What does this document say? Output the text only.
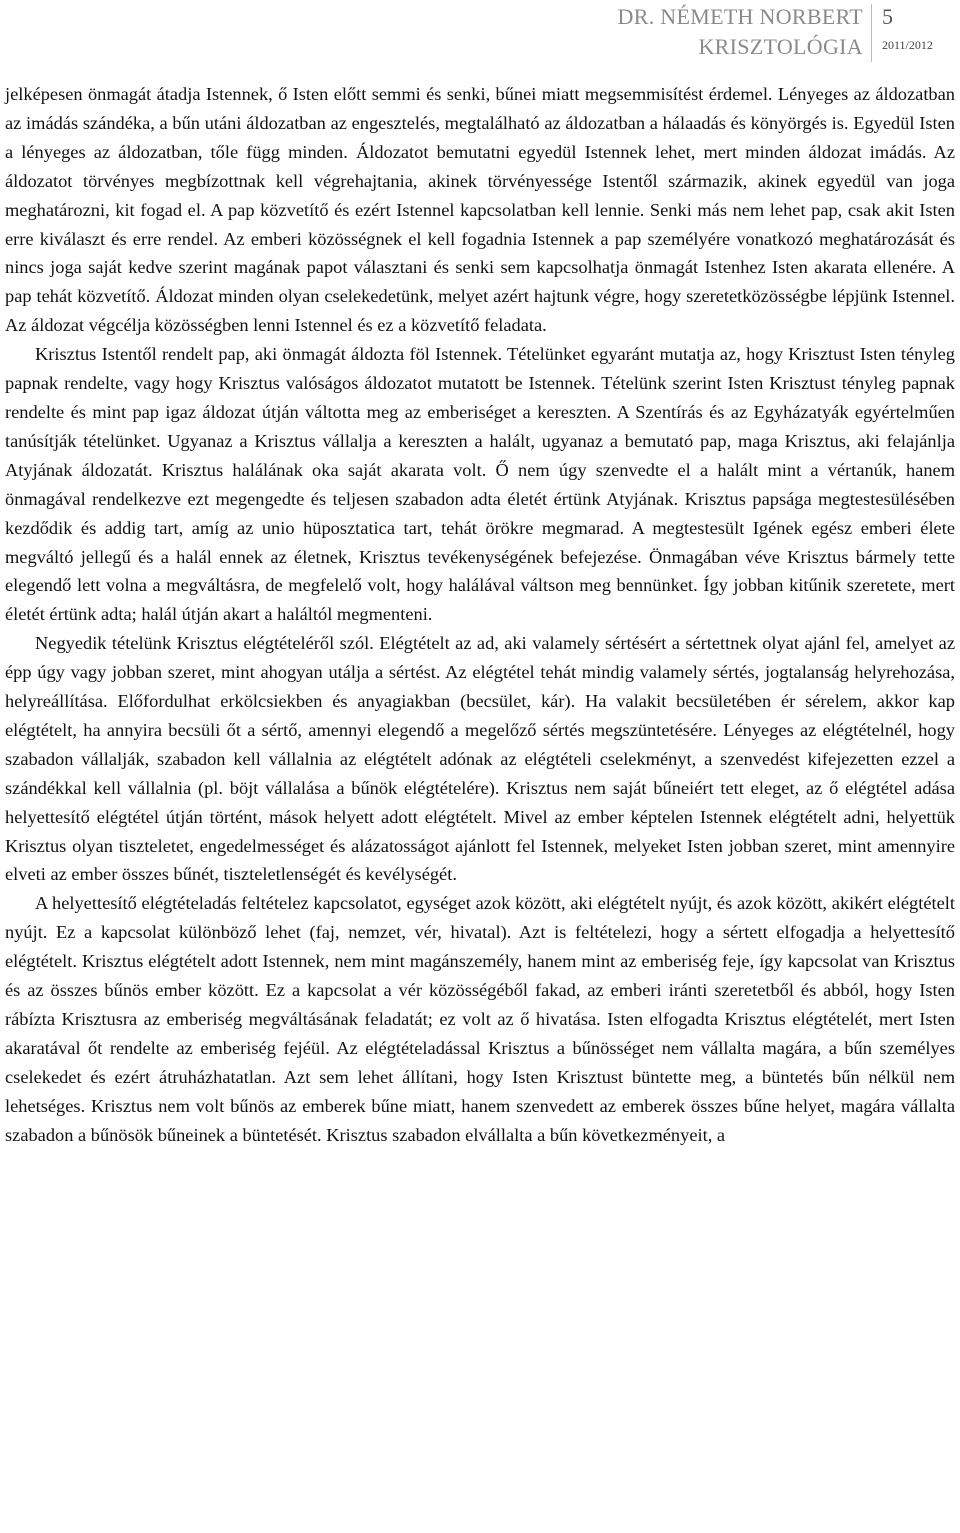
DR. NÉMETH NORBERT
KRISZTOLÓGIA
5
2011/2012

jelképesen önmagát átadja Istennek, ő Isten előtt semmi és senki, bűnei miatt megsemmisítést érdemel. Lényeges az áldozatban az imádás szándéka, a bűn utáni áldozatban az engesztelés, megtalálható az áldozatban a hálaadás és könyörgés is. Egyedül Isten a lényeges az áldozatban, tőle függ minden. Áldozatot bemutatni egyedül Istennek lehet, mert minden áldozat imádás. Az áldozatot törvényes megbízottnak kell végrehajtania, akinek törvényessége Istentől származik, akinek egyedül van joga meghatározni, kit fogad el. A pap közvetítő és ezért Istennel kapcsolatban kell lennie. Senki más nem lehet pap, csak akit Isten erre kiválaszt és erre rendel. Az emberi közösségnek el kell fogadnia Istennek a pap személyére vonatkozó meghatározását és nincs joga saját kedve szerint magának papot választani és senki sem kapcsolhatja önmagát Istenhez Isten akarata ellenére. A pap tehát közvetítő. Áldozat minden olyan cselekedetünk, melyet azért hajtunk végre, hogy szeretetközösségbe lépjünk Istennel. Az áldozat végcélja közösségben lenni Istennel és ez a közvetítő feladata.

Krisztus Istentől rendelt pap, aki önmagát áldozta föl Istennek. Tételünket egyaránt mutatja az, hogy Krisztust Isten tényleg papnak rendelte, vagy hogy Krisztus valóságos áldozatot mutatott be Istennek. Tételünk szerint Isten Krisztust tényleg papnak rendelte és mint pap igaz áldozat útján váltotta meg az emberiséget a kereszten. A Szentírás és az Egyházatyák egyértelműen tanúsítják tételünket. Ugyanaz a Krisztus vállalja a kereszten a halált, ugyanaz a bemutató pap, maga Krisztus, aki felajánlja Atyjának áldozatát. Krisztus halálának oka saját akarata volt. Ő nem úgy szenvedte el a halált mint a vértanúk, hanem önmagával rendelkezve ezt megengedte és teljesen szabadon adta életét értünk Atyjának. Krisztus papsága megtestesülésében kezdődik és addig tart, amíg az unio hüposztatica tart, tehát örökre megmarad. A megtestesült Igének egész emberi élete megváltó jellegű és a halál ennek az életnek, Krisztus tevékenységének befejezése. Önmagában véve Krisztus bármely tette elegendő lett volna a megváltásra, de megfelelő volt, hogy halálával váltson meg bennünket. Így jobban kitűnik szeretete, mert életét értünk adta; halál útján akart a haláltól megmenteni.

Negyedik tételünk Krisztus elégtételéről szól. Elégtételt az ad, aki valamely sértésért a sértettnek olyat ajánl fel, amelyet az épp úgy vagy jobban szeret, mint ahogyan utálja a sértést. Az elégtétel tehát mindig valamely sértés, jogtalanság helyrehozása, helyreállítása. Előfordulhat erkölcsiekben és anyagiakban (becsület, kár). Ha valakit becsületében ér sérelem, akkor kap elégtételt, ha annyira becsüli őt a sértő, amennyi elegendő a megelőző sértés megszüntetésére. Lényeges az elégtételnél, hogy szabadon vállalják, szabadon kell vállalnia az elégtételt adónak az elégtételi cselekményt, a szenvedést kifejezetten ezzel a szándékkal kell vállalnia (pl. böjt vállalása a bűnök elégtételére). Krisztus nem saját bűneiért tett eleget, az ő elégtétel adása helyettesítő elégtétel útján történt, mások helyett adott elégtételt. Mivel az ember képtelen Istennek elégtételt adni, helyettük Krisztus olyan tiszteletet, engedelmességet és alázatosságot ajánlott fel Istennek, melyeket Isten jobban szeret, mint amennyire elveti az ember összes bűnét, tiszteletlenségét és kevélységét.

A helyettesítő elégtételadás feltételez kapcsolatot, egységet azok között, aki elégtételt nyújt, és azok között, akikért elégtételt nyújt. Ez a kapcsolat különböző lehet (faj, nemzet, vér, hivatal). Azt is feltételezi, hogy a sértett elfogadja a helyettesítő elégtételt. Krisztus elégtételt adott Istennek, nem mint magánszemély, hanem mint az emberiség feje, így kapcsolat van Krisztus és az összes bűnös ember között. Ez a kapcsolat a vér közösségéből fakad, az emberi iránti szeretetből és abból, hogy Isten rábízta Krisztusra az emberiség megváltásának feladatát; ez volt az ő hivatása. Isten elfogadta Krisztus elégtételét, mert Isten akaratával őt rendelte az emberiség fejéül. Az elégtételadással Krisztus a bűnösséget nem vállalta magára, a bűn személyes cselekedet és ezért átruházhatatlan. Azt sem lehet állítani, hogy Isten Krisztust büntette meg, a büntetés bűn nélkül nem lehetséges. Krisztus nem volt bűnös az emberek bűne miatt, hanem szenvedett az emberek összes bűne helyet, magára vállalta szabadon a bűnösök bűneinek a büntetését. Krisztus szabadon elvállalta a bűn következményeit, a
